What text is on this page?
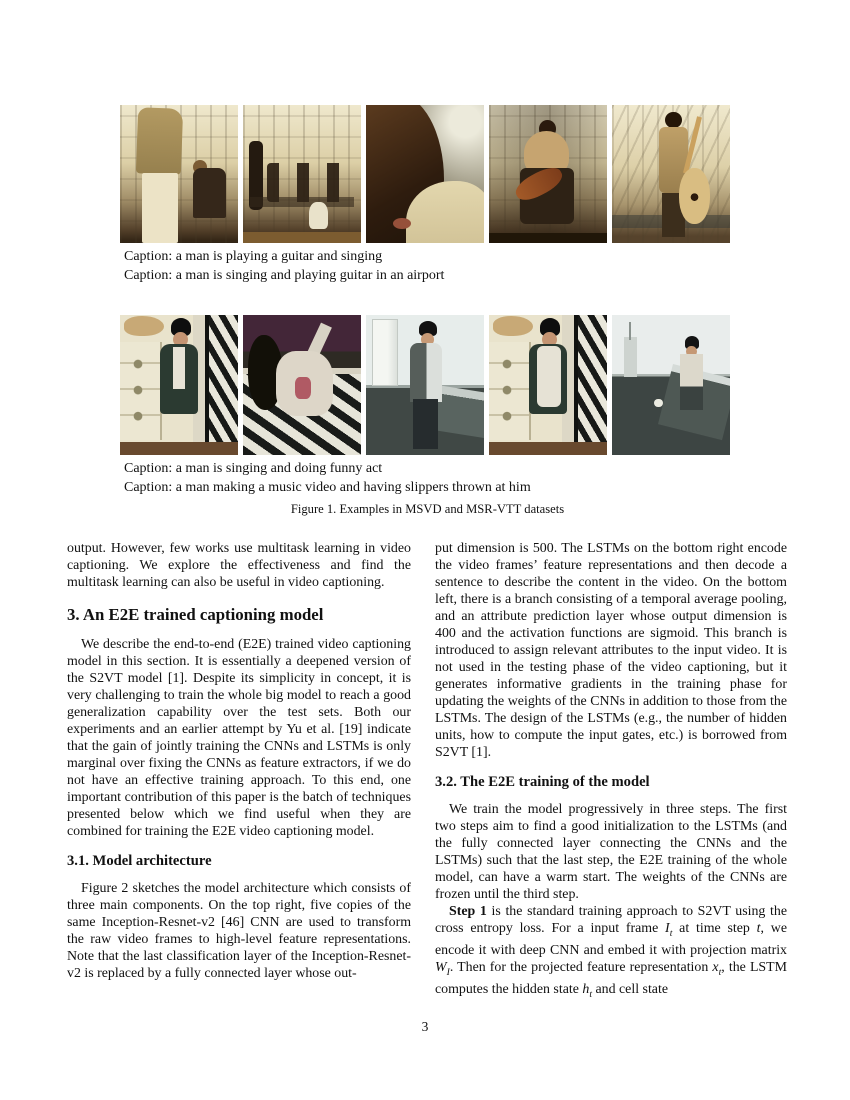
Caption: a man is playing a guitar and singing
Caption: a man is singing and playing guitar in an airport
Caption: a man is singing and doing funny act
Caption: a man making a music video and having slippers thrown at him
Figure 1. Examples in MSVD and MSR-VTT datasets

output. However, few works use multitask learning in video captioning. We explore the effectiveness and find the multitask learning can also be useful in video captioning.

3. An E2E trained captioning model

We describe the end-to-end (E2E) trained video captioning model in this section. It is essentially a deepened version of the S2VT model [1]. Despite its simplicity in concept, it is very challenging to train the whole big model to reach a good generalization capability over the test sets. Both our experiments and an earlier attempt by Yu et al. [19] indicate that the gain of jointly training the CNNs and LSTMs is only marginal over fixing the CNNs as feature extractors, if we do not have an effective training approach. To this end, one important contribution of this paper is the batch of techniques presented below which we find useful when they are combined for training the E2E video captioning model.

3.1. Model architecture

Figure 2 sketches the model architecture which consists of three main components. On the top right, five copies of the same Inception-Resnet-v2 [46] CNN are used to transform the raw video frames to high-level feature representations. Note that the last classification layer of the Inception-Resnet-v2 is replaced by a fully connected layer whose out-

put dimension is 500. The LSTMs on the bottom right encode the video frames’ feature representations and then decode a sentence to describe the content in the video. On the bottom left, there is a branch consisting of a temporal average pooling, and an attribute prediction layer whose output dimension is 400 and the activation functions are sigmoid. This branch is introduced to assign relevant attributes to the input video. It is not used in the testing phase of the video captioning, but it generates informative gradients in the training phase for updating the weights of the CNNs in addition to those from the LSTMs. The design of the LSTMs (e.g., the number of hidden units, how to compute the input gates, etc.) is borrowed from S2VT [1].

3.2. The E2E training of the model

We train the model progressively in three steps. The first two steps aim to find a good initialization to the LSTMs (and the fully connected layer connecting the CNNs and the LSTMs) such that the last step, the E2E training of the whole model, can have a warm start. The weights of the CNNs are frozen until the third step.

Step 1 is the standard training approach to S2VT using the cross entropy loss. For a input frame $I_t$ at time step t, we encode it with deep CNN and embed it with projection matrix $W_I$. Then for the projected feature representation $x_t$, the LSTM computes the hidden state $h_t$ and cell state

3
